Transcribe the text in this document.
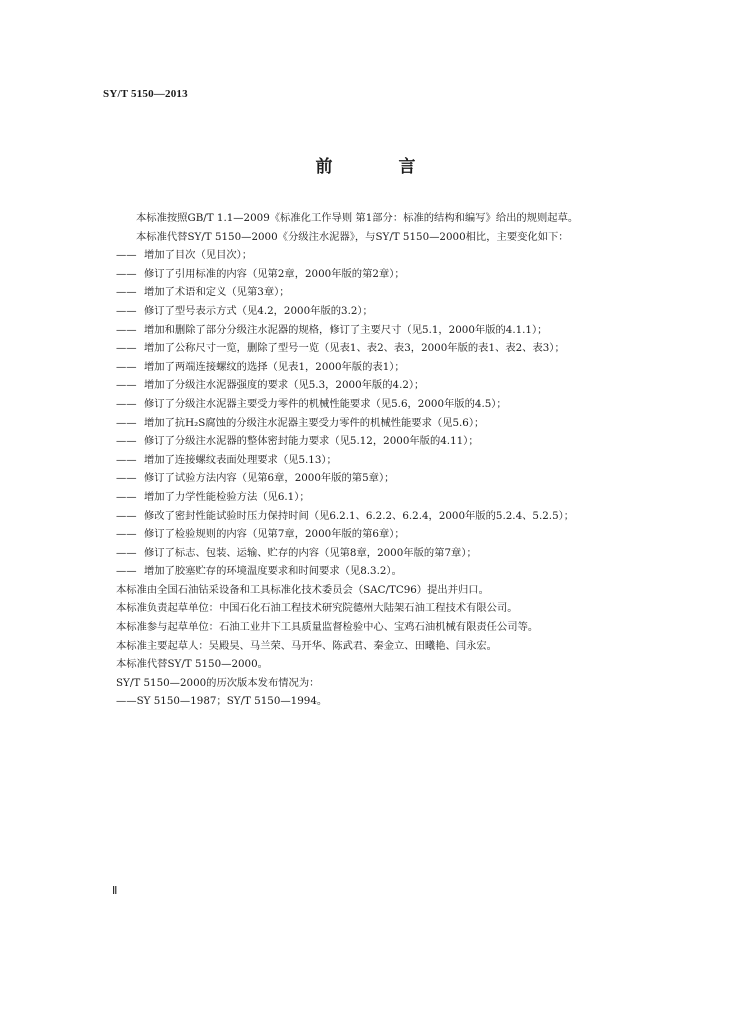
SY/T 5150—2013
前 言

本标准按照GB/T 1.1—2009《标准化工作导则 第1部分：标准的结构和编写》给出的规则起草。

本标准代替SY/T 5150—2000《分级注水泥器》，与SY/T 5150—2000相比，主要变化如下：

—— 增加了目次（见目次）；
—— 修订了引用标准的内容（见第2章，2000年版的第2章）；
—— 增加了术语和定义（见第3章）；
—— 修订了型号表示方式（见4.2，2000年版的3.2）；
—— 增加和删除了部分分级注水泥器的规格，修订了主要尺寸（见5.1，2000年版的4.1.1）；
—— 增加了公称尺寸一览，删除了型号一览（见表1、表2、表3，2000年版的表1、表2、表3）；
—— 增加了两端连接螺纹的选择（见表1，2000年版的表1）；
—— 增加了分级注水泥器强度的要求（见5.3，2000年版的4.2）；
—— 修订了分级注水泥器主要受力零件的机械性能要求（见5.6，2000年版的4.5）；
—— 增加了抗H₂S腐蚀的分级注水泥器主要受力零件的机械性能要求（见5.6）；
—— 修订了分级注水泥器的整体密封能力要求（见5.12，2000年版的4.11）；
—— 增加了连接螺纹表面处理要求（见5.13）；
—— 修订了试验方法内容（见第6章，2000年版的第5章）；
—— 增加了力学性能检验方法（见6.1）；
—— 修改了密封性能试验时压力保持时间（见6.2.1、6.2.2、6.2.4，2000年版的5.2.4、5.2.5）；
—— 修订了检验规则的内容（见第7章，2000年版的第6章）；
—— 修订了标志、包装、运输、贮存的内容（见第8章，2000年版的第7章）；
—— 增加了胶塞贮存的环境温度要求和时间要求（见8.3.2）。

本标准由全国石油钻采设备和工具标准化技术委员会（SAC/TC96）提出并归口。

本标准负责起草单位：中国石化石油工程技术研究院德州大陆架石油工程技术有限公司。

本标准参与起草单位：石油工业井下工具质量监督检验中心、宝鸡石油机械有限责任公司等。

本标准主要起草人：吴殿昊、马兰荣、马开华、陈武君、秦金立、田曦艳、闫永宏。

本标准代替SY/T 5150—2000。

SY/T 5150—2000的历次版本发布情况为：

——SY 5150—1987；SY/T 5150—1994。

Ⅱ
